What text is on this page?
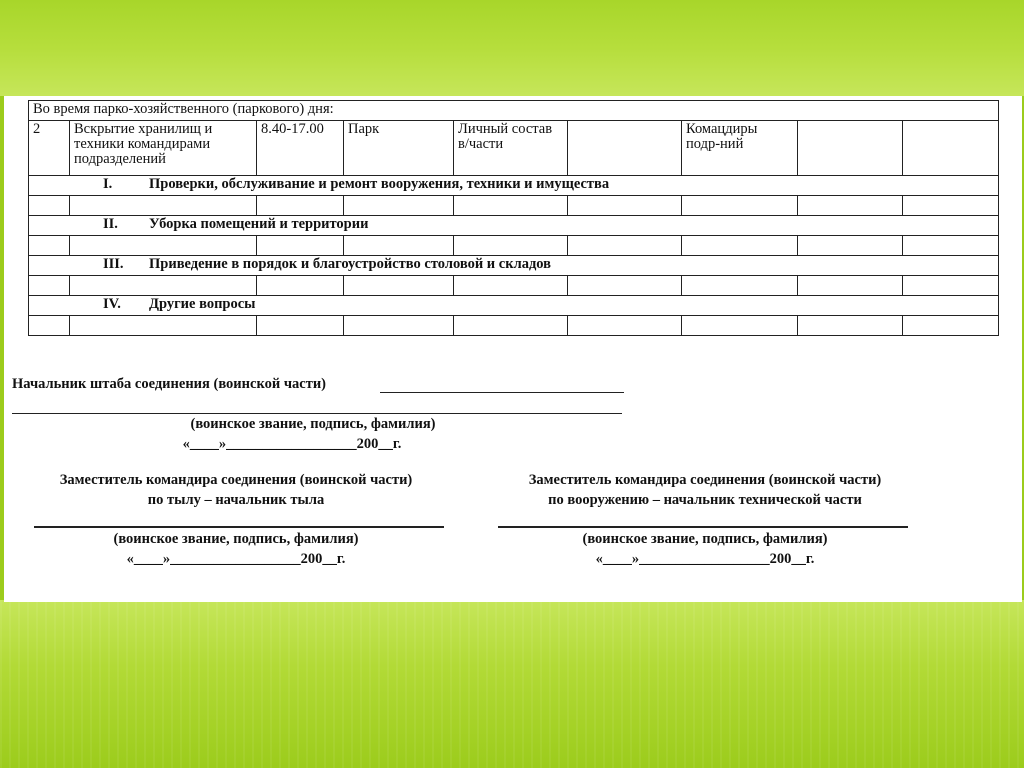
Во время парко-хозяйственного (паркового) дня:								
2	Вскрытие хранилищ и техники командирами подразделений	8.40-17.00	Парк	Личный состав в/части		Комацдиры подр-ний		
I. Проверки, обслуживание и ремонт вооружения, техники и имущества								

II. Уборка помещений и территории								

III. Приведение в порядок и благоустройство столовой и складов								

IV. Другие вопросы								

Начальник штаба соединения (воинской части)
(воинское звание, подпись, фамилия)
«____»__________________200__г.
Заместитель командира соединения (воинской части)
по тылу – начальник тыла
(воинское звание, подпись, фамилия)
«____»__________________200__г.
Заместитель командира соединения (воинской части)
по вооружению – начальник технической части
(воинское звание, подпись, фамилия)
«____»__________________200__г.
